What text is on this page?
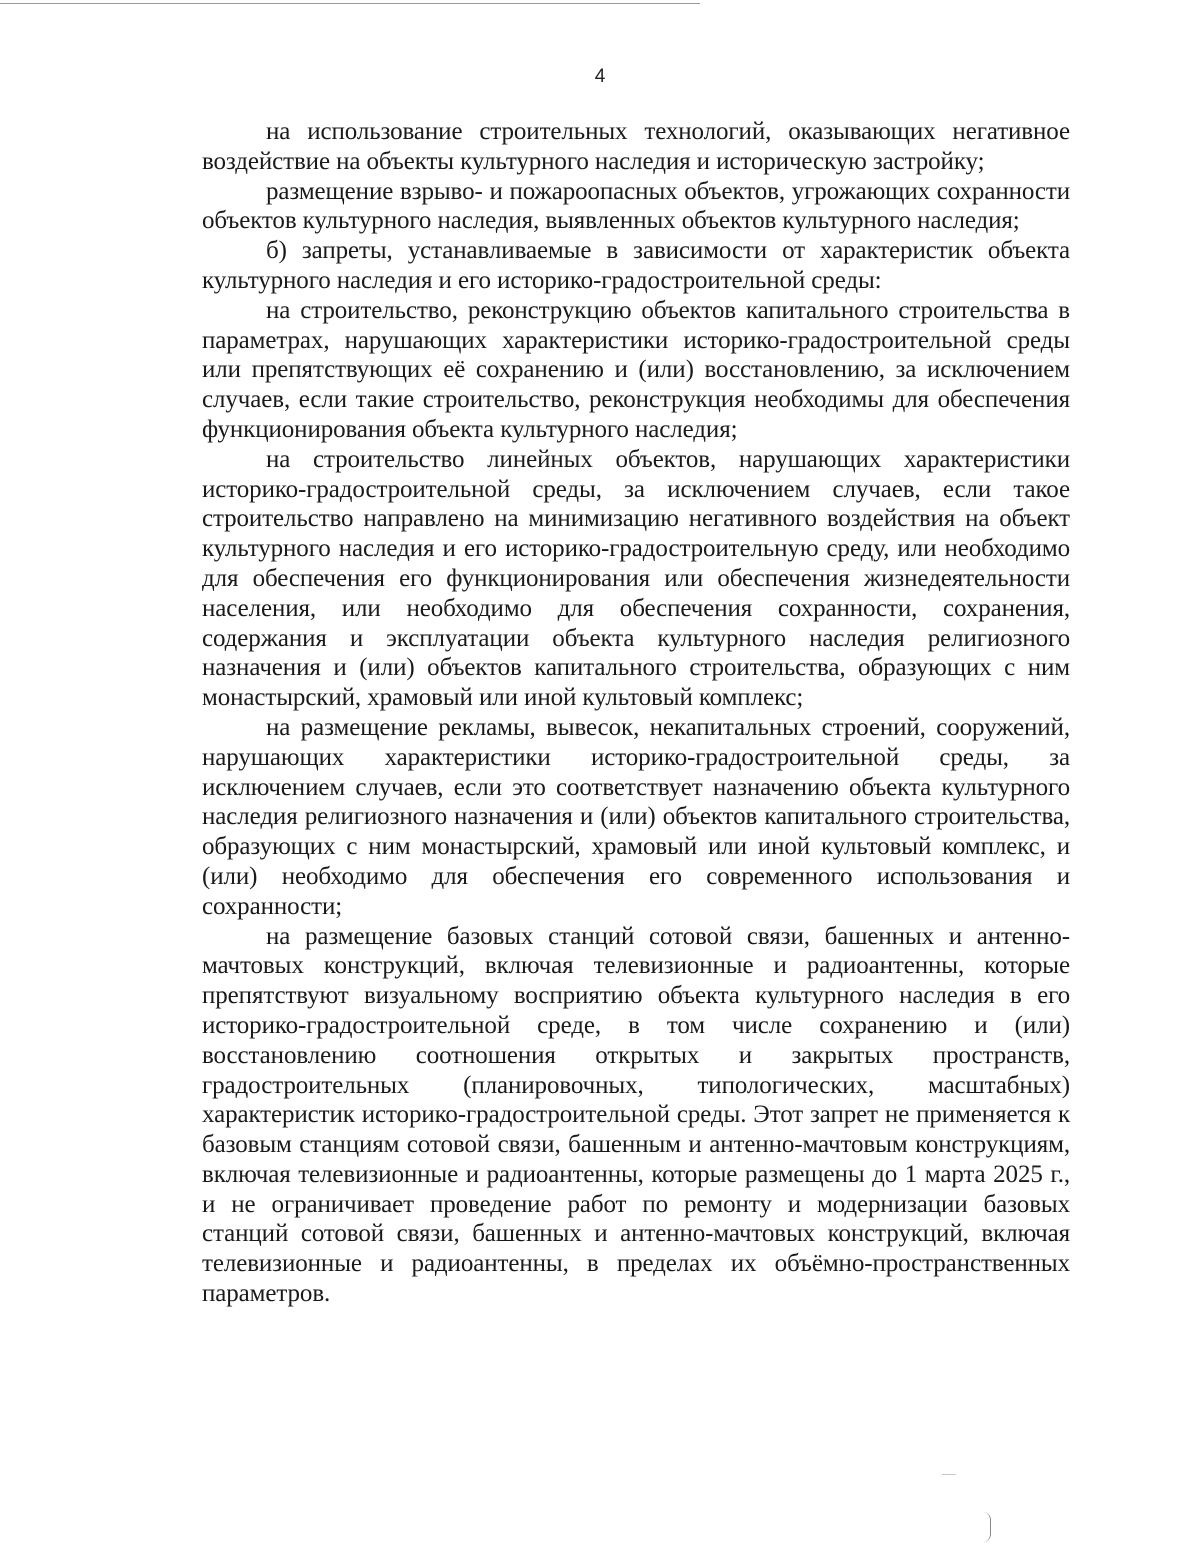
4

на использование строительных технологий, оказывающих негативное воздействие на объекты культурного наследия и историческую застройку;

размещение взрыво- и пожароопасных объектов, угрожающих сохранности объектов культурного наследия, выявленных объектов культурного наследия;

б) запреты, устанавливаемые в зависимости от характеристик объекта культурного наследия и его историко-градостроительной среды:

на строительство, реконструкцию объектов капитального строительства в параметрах, нарушающих характеристики историко-градостроительной среды или препятствующих её сохранению и (или) восстановлению, за исключением случаев, если такие строительство, реконструкция необходимы для обеспечения функционирования объекта культурного наследия;

на строительство линейных объектов, нарушающих характеристики историко-градостроительной среды, за исключением случаев, если такое строительство направлено на минимизацию негативного воздействия на объект культурного наследия и его историко-градостроительную среду, или необходимо для обеспечения его функционирования или обеспечения жизнедеятельности населения, или необходимо для обеспечения сохранности, сохранения, содержания и эксплуатации объекта культурного наследия религиозного назначения и (или) объектов капитального строительства, образующих с ним монастырский, храмовый или иной культовый комплекс;

на размещение рекламы, вывесок, некапитальных строений, сооружений, нарушающих характеристики историко-градостроительной среды, за исключением случаев, если это соответствует назначению объекта культурного наследия религиозного назначения и (или) объектов капитального строительства, образующих с ним монастырский, храмовый или иной культовый комплекс, и (или) необходимо для обеспечения его современного использования и сохранности;

на размещение базовых станций сотовой связи, башенных и антенно-мачтовых конструкций, включая телевизионные и радиоантенны, которые препятствуют визуальному восприятию объекта культурного наследия в его историко-градостроительной среде, в том числе сохранению и (или) восстановлению соотношения открытых и закрытых пространств, градостроительных (планировочных, типологических, масштабных) характеристик историко-градостроительной среды. Этот запрет не применяется к базовым станциям сотовой связи, башенным и антенно-мачтовым конструкциям, включая телевизионные и радиоантенны, которые размещены до 1 марта 2025 г., и не ограничивает проведение работ по ремонту и модернизации базовых станций сотовой связи, башенных и антенно-мачтовых конструкций, включая телевизионные и радиоантенны, в пределах их объёмно-пространственных параметров.
